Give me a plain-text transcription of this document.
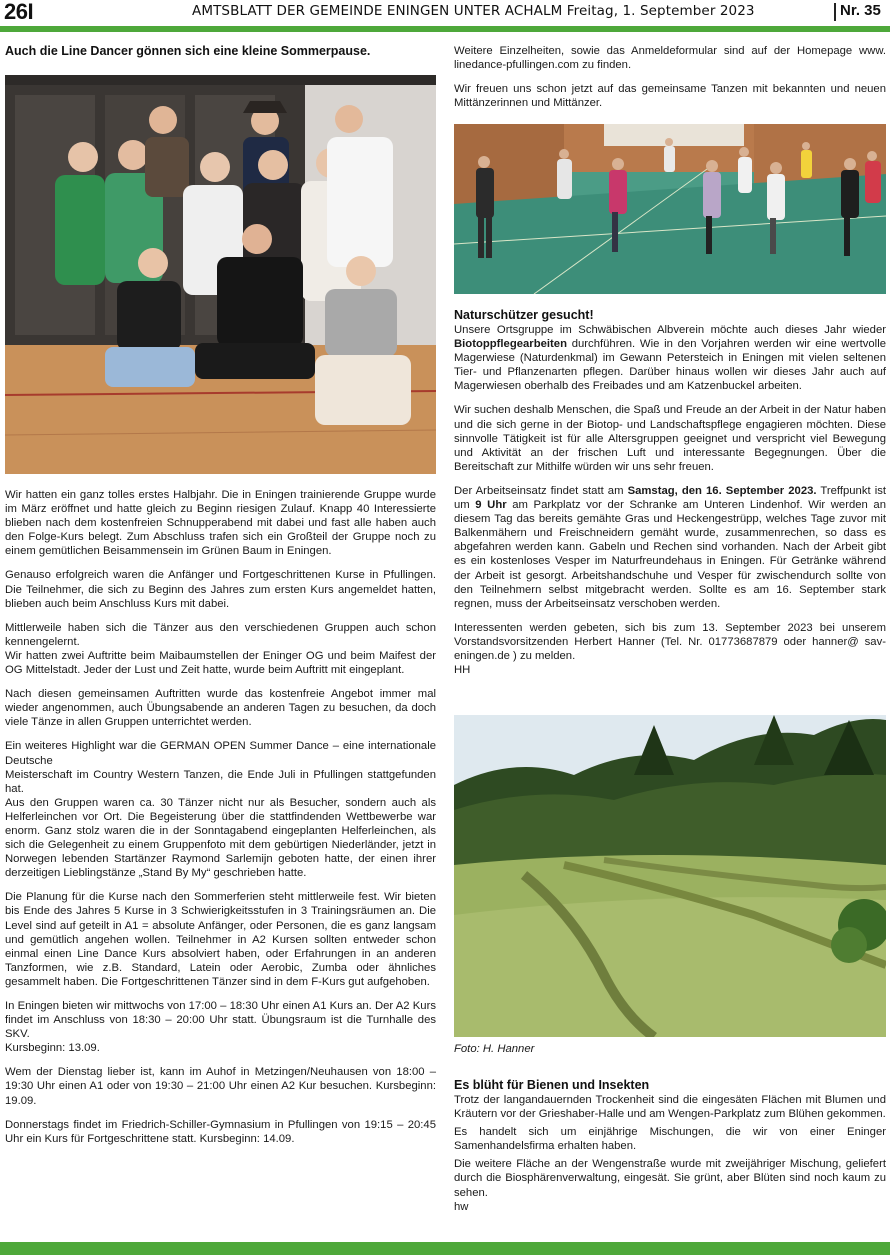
26I	AMTSBLATT DER GEMEINDE ENINGEN UNTER ACHALM Freitag, 1. September 2023	Nr. 35
Auch die Line Dancer gönnen sich eine kleine Sommerpause.

Wir hatten ein ganz tolles erstes Halbjahr. Die in Eningen trainierende Gruppe wurde im März eröffnet und hatte gleich zu Beginn riesigen Zulauf. Knapp 40 Interessierte blieben nach dem kostenfreien Schnupperabend mit dabei und fast alle haben auch den Folge-Kurs belegt. Zum Abschluss trafen sich ein Großteil der Gruppe noch zu einem gemütlichen Beisammensein im Grünen Baum in Eningen.

Genauso erfolgreich waren die Anfänger und Fortgeschrittenen Kurse in Pfullingen. Die Teilnehmer, die sich zu Beginn des Jahres zum ersten Kurs angemeldet hatten, blieben auch beim Anschluss Kurs mit dabei.

Mittlerweile haben sich die Tänzer aus den verschiedenen Gruppen auch schon kennengelernt.

Wir hatten zwei Auftritte beim Maibaumstellen der Eninger OG und beim Maifest der OG Mittelstadt. Jeder der Lust und Zeit hatte, wurde beim Auftritt mit eingeplant.

Nach diesen gemeinsamen Auftritten wurde das kostenfreie Angebot immer mal wieder angenommen, auch Übungsabende an anderen Tagen zu besuchen, da doch viele Tänze in allen Gruppen unterrichtet werden.

Ein weiteres Highlight war die GERMAN OPEN Summer Dance – eine internationale Deutsche

Meisterschaft im Country Western Tanzen, die Ende Juli in Pfullingen stattgefunden hat.

Aus den Gruppen waren ca. 30 Tänzer nicht nur als Besucher, sondern auch als Helferleinchen vor Ort. Die Begeisterung über die stattfindenden Wettbewerbe war enorm. Ganz stolz waren die in der Sonntagabend eingeplanten Helferleinchen, als sich die Gelegenheit zu einem Gruppenfoto mit dem gebürtigen Niederländer, jetzt in Norwegen lebenden Startänzer Raymond Sarlemijn geboten hatte, der einen ihrer derzeitigen Lieblingstänze „Stand By My“ geschrieben hatte.

Die Planung für die Kurse nach den Sommerferien steht mittlerweile fest. Wir bieten bis Ende des Jahres 5 Kurse in 3 Schwierigkeitsstufen in 3 Trainingsräumen an. Die Level sind auf geteilt in A1 = absolute Anfänger, oder Personen, die es ganz langsam und gemütlich angehen wollen. Teilnehmer in A2 Kursen sollten entweder schon einmal einen Line Dance Kurs absolviert haben, oder Erfahrungen in an anderen Tanzformen, wie z.B. Standard, Latein oder Aerobic, Zumba oder ähnliches gesammelt haben. Die Fortgeschrittenen Tänzer sind in dem F-Kurs gut aufgehoben.

In Eningen bieten wir mittwochs von 17:00 – 18:30 Uhr einen A1 Kurs an. Der A2 Kurs findet im Anschluss von 18:30 – 20:00 Uhr statt. Übungsraum ist die Turnhalle des SKV.

Kursbeginn: 13.09.

Wem der Dienstag lieber ist, kann im Auhof in Metzingen/Neuhausen von 18:00 – 19:30 Uhr einen A1 oder von 19:30 – 21:00 Uhr einen A2 Kur besuchen. Kursbeginn: 19.09.

Donnerstags findet im Friedrich-Schiller-Gymnasium in Pfullingen von 19:15 – 20:45 Uhr ein Kurs für Fortgeschrittene statt. Kursbeginn: 14.09.

Weitere Einzelheiten, sowie das Anmeldeformular sind auf der Homepage www. linedance-pfullingen.com zu finden.

Wir freuen uns schon jetzt auf das gemeinsame Tanzen mit bekannten und neuen Mittänzerinnen und Mittänzer.

Naturschützer gesucht!

Unsere Ortsgruppe im Schwäbischen Albverein möchte auch dieses Jahr wieder Biotoppflegearbeiten durchführen. Wie in den Vorjahren werden wir eine wertvolle Magerwiese (Naturdenkmal) im Gewann Petersteich in Eningen mit vielen seltenen Tier- und Pflanzenarten pflegen. Darüber hinaus wollen wir dieses Jahr auch auf Magerwiesen oberhalb des Freibades und am Katzenbuckel arbeiten.

Wir suchen deshalb Menschen, die Spaß und Freude an der Arbeit in der Natur haben und die sich gerne in der Biotop- und Landschaftspflege engagieren möchten. Diese sinnvolle Tätigkeit ist für alle Altersgruppen geeignet und verspricht viel Bewegung und Aktivität an der frischen Luft und interessante Begegnungen. Über die Bereitschaft zur Mithilfe würden wir uns sehr freuen.

Der Arbeitseinsatz findet statt am Samstag, den 16. September 2023. Treffpunkt ist um 9 Uhr am Parkplatz vor der Schranke am Unteren Lindenhof. Wir werden an diesem Tag das bereits gemähte Gras und Heckengestrüpp, welches Tage zuvor mit Balkenmähern und Freischneidern gemäht wurde, zusammenrechen, so dass es abgefahren werden kann. Gabeln und Rechen sind vorhanden. Nach der Arbeit gibt es ein kostenloses Vesper im Naturfreundehaus in Eningen. Für Getränke während der Arbeit ist gesorgt. Arbeitshandschuhe und Vesper für zwischendurch sollte von den Teilnehmern selbst mitgebracht werden. Sollte es am 16. September stark regnen, muss der Arbeitseinsatz verschoben werden.

Interessenten werden gebeten, sich bis zum 13. September 2023 bei unserem Vorstandsvorsitzenden Herbert Hanner (Tel. Nr. 01773687879 oder hanner@ sav-eningen.de ) zu melden.

HH

Foto: H. Hanner

Es blüht für Bienen und Insekten

Trotz der langandauernden Trockenheit sind die eingesäten Flächen mit Blumen und Kräutern vor der Grieshaber-Halle und am Wengen-Parkplatz zum Blühen gekommen.

Es handelt sich um einjährige Mischungen, die wir von einer Eninger Samenhandelsfirma erhalten haben.

Die weitere Fläche an der Wengenstraße wurde mit zweijähriger Mischung, geliefert durch die Biosphärenverwaltung, eingesät. Sie grünt, aber Blüten sind noch kaum zu sehen.

hw
